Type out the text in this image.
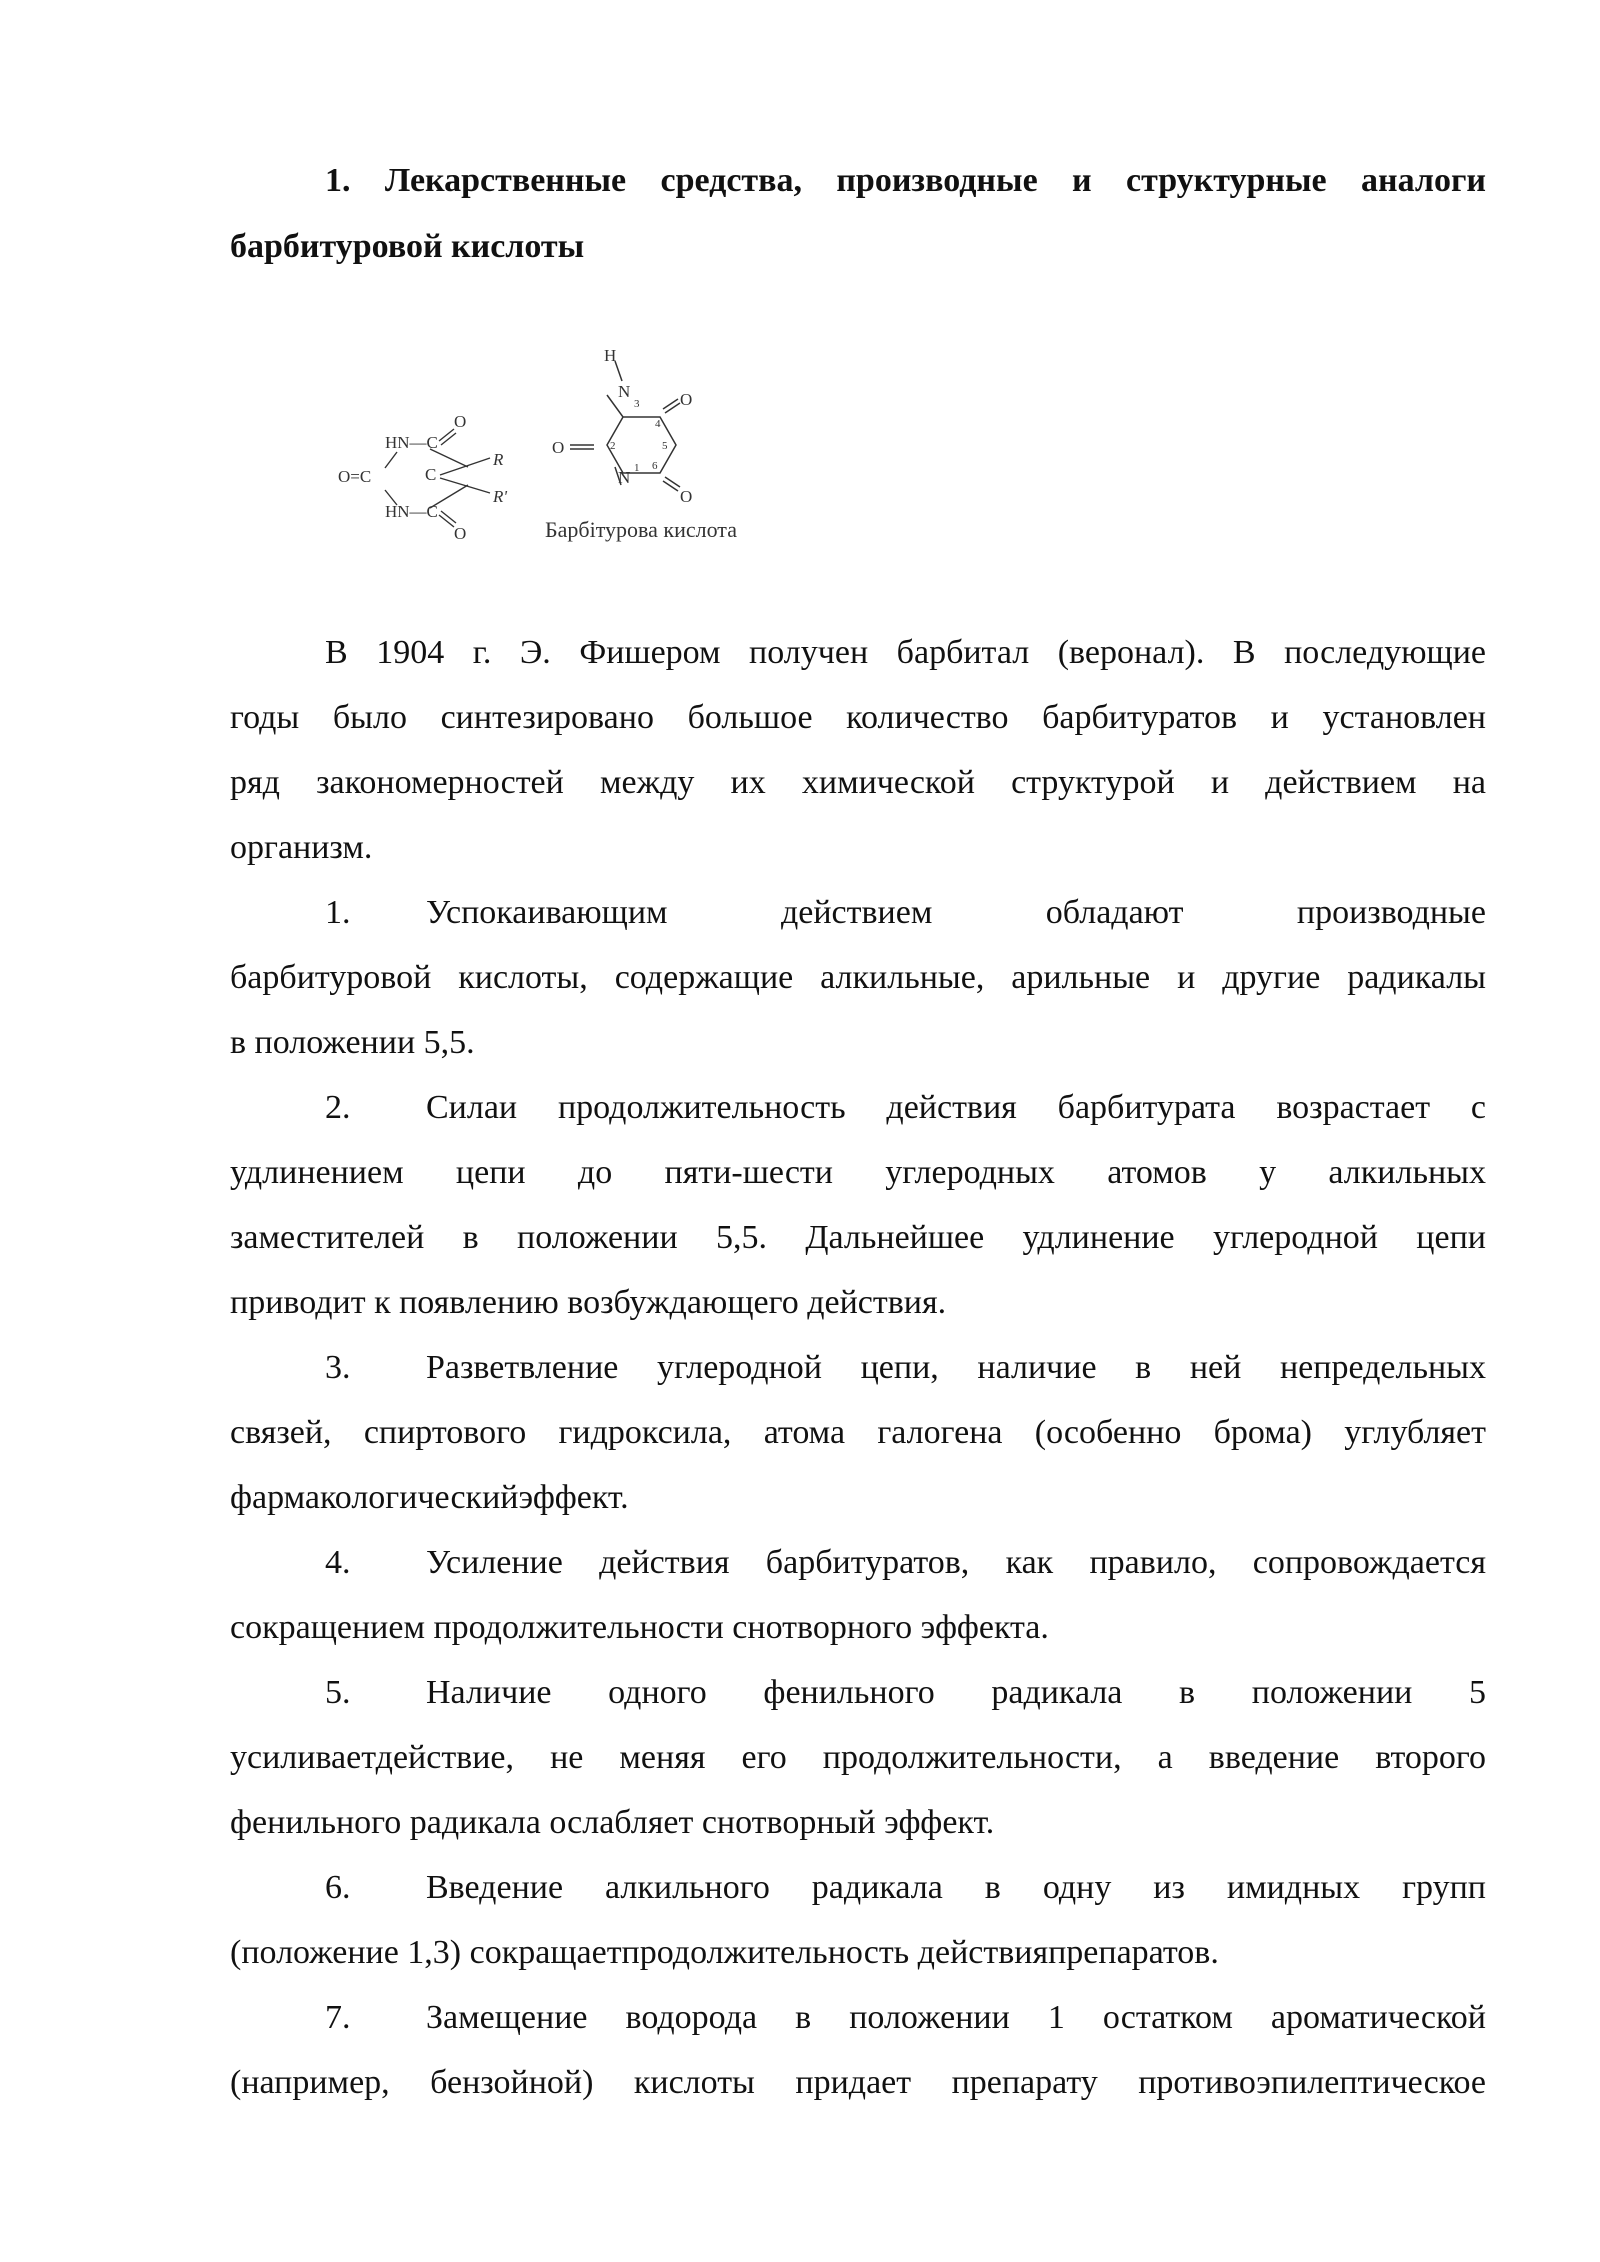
1. Лекарственные средства, производные и структурные аналоги
барбитуровой кислоты
HN—C
O=C	C
R
R'
HN—C
O
O
H
N
N
O
O
O
1
2
3
4
5
6
Барбітурова кислота

В 1904 г. Э. Фишером получен барбитал (веронал). В последующие
годы было синтезировано большое количество барбитуратов и установлен
ряд закономерностей между их химической структурой и действием на
организм.

1.	Успокаивающим действием обладают производные
барбитуровой кислоты, содержащие алкильные, арильные и другие радикалы
в положении 5,5.

2.	Силаи продолжительность действия барбитурата возрастает с
удлинением цепи до пяти-шести углеродных атомов у алкильных
заместителей в положении 5,5. Дальнейшее удлинение углеродной цепи
приводит к появлению возбуждающего действия.

3.	Разветвление углеродной цепи, наличие в ней непредельных
связей, спиртового гидроксила, атома галогена (особенно брома) углубляет
фармакологическийэффект.

4.	Усиление действия барбитуратов, как правило, сопровождается
сокращением продолжительности снотворного эффекта.

5.	Наличие одного фенильного радикала в положении 5
усиливаетдействие, не меняя его продолжительности, а введение второго
фенильного радикала ослабляет снотворный эффект.

6.	Введение алкильного радикала в одну из имидных групп
(положение 1,3) сокращаетпродолжительность действияпрепаратов.

7.	Замещение водорода в положении 1 остатком ароматической
(например, бензойной) кислоты придает препарату противоэпилептическое
